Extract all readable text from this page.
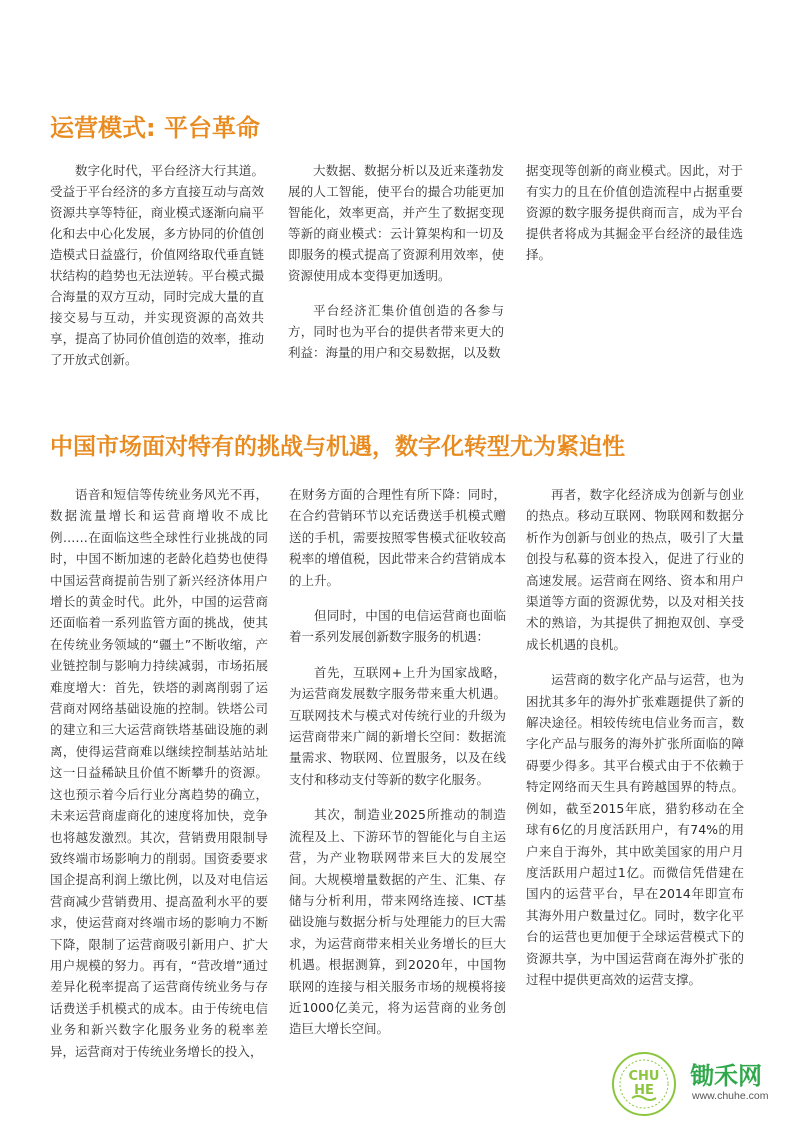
运营模式: 平台革命

数字化时代，平台经济大行其道。受益于平台经济的多方直接互动与高效资源共享等特征，商业模式逐渐向扁平化和去中心化发展，多方协同的价值创造模式日益盛行，价值网络取代垂直链状结构的趋势也无法逆转。平台模式撮合海量的双方互动，同时完成大量的直接交易与互动，并实现资源的高效共享，提高了协同价值创造的效率，推动了开放式创新。

大数据、数据分析以及近来蓬勃发展的人工智能，使平台的撮合功能更加智能化，效率更高，并产生了数据变现等新的商业模式：云计算架构和一切及即服务的模式提高了资源利用效率，使资源使用成本变得更加透明。

平台经济汇集价值创造的各参与方，同时也为平台的提供者带来更大的利益：海量的用户和交易数据，以及数

据变现等创新的商业模式。因此，对于有实力的且在价值创造流程中占据重要资源的数字服务提供商而言，成为平台提供者将成为其掘金平台经济的最佳选择。

中国市场面对特有的挑战与机遇，数字化转型尤为紧迫性

语音和短信等传统业务风光不再，数据流量增长和运营商增收不成比例……在面临这些全球性行业挑战的同时，中国不断加速的老龄化趋势也使得中国运营商提前告别了新兴经济体用户增长的黄金时代。此外，中国的运营商还面临着一系列监管方面的挑战，使其在传统业务领域的“疆土”不断收缩，产业链控制与影响力持续减弱，市场拓展难度增大：首先，铁塔的剥离削弱了运营商对网络基础设施的控制。铁塔公司的建立和三大运营商铁塔基础设施的剥离，使得运营商难以继续控制基站站址这一日益稀缺且价值不断攀升的资源。这也预示着今后行业分离趋势的确立，未来运营商虚商化的速度将加快，竞争也将越发激烈。其次，营销费用限制导致终端市场影响力的削弱。国资委要求国企提高利润上缴比例，以及对电信运营商减少营销费用、提高盈利水平的要求，使运营商对终端市场的影响力不断下降，限制了运营商吸引新用户、扩大用户规模的努力。再有，“营改增”通过差异化税率提高了运营商传统业务与存话费送手机模式的成本。由于传统电信业务和新兴数字化服务业务的税率差异，运营商对于传统业务增长的投入，

在财务方面的合理性有所下降：同时，在合约营销环节以充话费送手机模式赠送的手机，需要按照零售模式征收较高税率的增值税，因此带来合约营销成本的上升。

但同时，中国的电信运营商也面临着一系列发展创新数字服务的机遇：

首先，互联网+上升为国家战略，为运营商发展数字服务带来重大机遇。互联网技术与模式对传统行业的升级为运营商带来广阔的新增长空间：数据流量需求、物联网、位置服务，以及在线支付和移动支付等新的数字化服务。

其次，制造业2025所推动的制造流程及上、下游环节的智能化与自主运营，为产业物联网带来巨大的发展空间。大规模增量数据的产生、汇集、存储与分析利用，带来网络连接、ICT基础设施与数据分析与处理能力的巨大需求，为运营商带来相关业务增长的巨大机遇。根据测算，到2020年，中国物联网的连接与相关服务市场的规模将接近1000亿美元，将为运营商的业务创造巨大增长空间。

再者，数字化经济成为创新与创业的热点。移动互联网、物联网和数据分析作为创新与创业的热点，吸引了大量创投与私募的资本投入，促进了行业的高速发展。运营商在网络、资本和用户渠道等方面的资源优势，以及对相关技术的熟谙，为其提供了拥抱双创、享受成长机遇的良机。

运营商的数字化产品与运营，也为困扰其多年的海外扩张难题提供了新的解决途径。相较传统电信业务而言，数字化产品与服务的海外扩张所面临的障碍要少得多。其平台模式由于不依赖于特定网络而天生具有跨越国界的特点。例如，截至2015年底，猎豹移动在全球有6亿的月度活跃用户，有74%的用户来自于海外，其中欧美国家的用户月度活跃用户超过1亿。而微信凭借建在国内的运营平台，早在2014年即宣布其海外用户数量过亿。同时，数字化平台的运营也更加便于全球运营模式下的资源共享，为中国运营商在海外扩张的过程中提供更高效的运营支撑。

CHU HE
锄禾网
www.chuhe.com
